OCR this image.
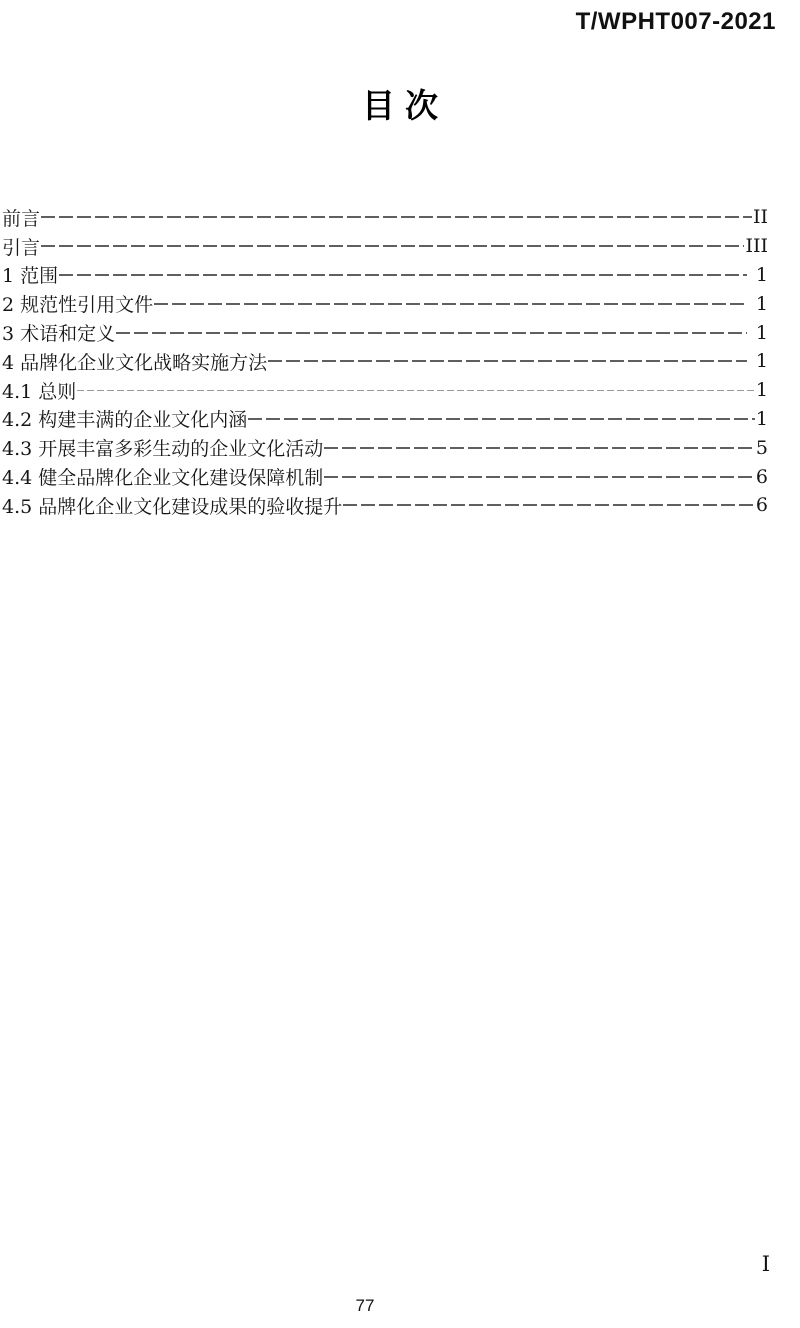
T/WPHT007-2021
目次
前言	II
引言	III
1 范围	1
2 规范性引用文件	1
3 术语和定义	1
4 品牌化企业文化战略实施方法	1
4.1 总则	1
4.2 构建丰满的企业文化内涵	1
4.3 开展丰富多彩生动的企业文化活动	5
4.4 健全品牌化企业文化建设保障机制	6
4.5 品牌化企业文化建设成果的验收提升	6
I
77
